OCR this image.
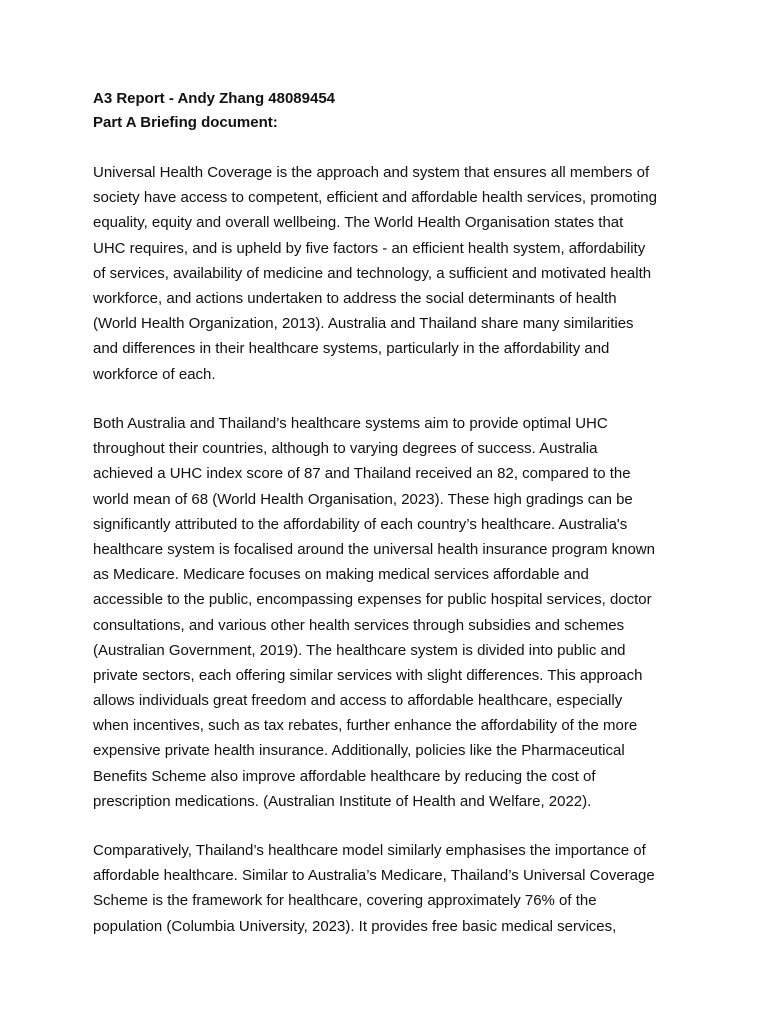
A3 Report - Andy Zhang 48089454
Part A Briefing document:
Universal Health Coverage is the approach and system that ensures all members of
society have access to competent, efficient and affordable health services, promoting
equality, equity and overall wellbeing. The World Health Organisation states that
UHC requires, and is upheld by five factors - an efficient health system, affordability
of services, availability of medicine and technology, a sufficient and motivated health
workforce, and actions undertaken to address the social determinants of health
(World Health Organization, 2013). Australia and Thailand share many similarities
and differences in their healthcare systems, particularly in the affordability and
workforce of each.
Both Australia and Thailand’s healthcare systems aim to provide optimal UHC
throughout their countries, although to varying degrees of success. Australia
achieved a UHC index score of 87 and Thailand received an 82, compared to the
world mean of 68 (World Health Organisation, 2023). These high gradings can be
significantly attributed to the affordability of each country’s healthcare. Australia's
healthcare system is focalised around the universal health insurance program known
as Medicare. Medicare focuses on making medical services affordable and
accessible to the public, encompassing expenses for public hospital services, doctor
consultations, and various other health services through subsidies and schemes
(Australian Government, 2019). The healthcare system is divided into public and
private sectors, each offering similar services with slight differences. This approach
allows individuals great freedom and access to affordable healthcare, especially
when incentives, such as tax rebates, further enhance the affordability of the more
expensive private health insurance. Additionally, policies like the Pharmaceutical
Benefits Scheme also improve affordable healthcare by reducing the cost of
prescription medications. (Australian Institute of Health and Welfare, 2022).
Comparatively, Thailand’s healthcare model similarly emphasises the importance of
affordable healthcare. Similar to Australia’s Medicare, Thailand’s Universal Coverage
Scheme is the framework for healthcare, covering approximately 76% of the
population (Columbia University, 2023). It provides free basic medical services,
